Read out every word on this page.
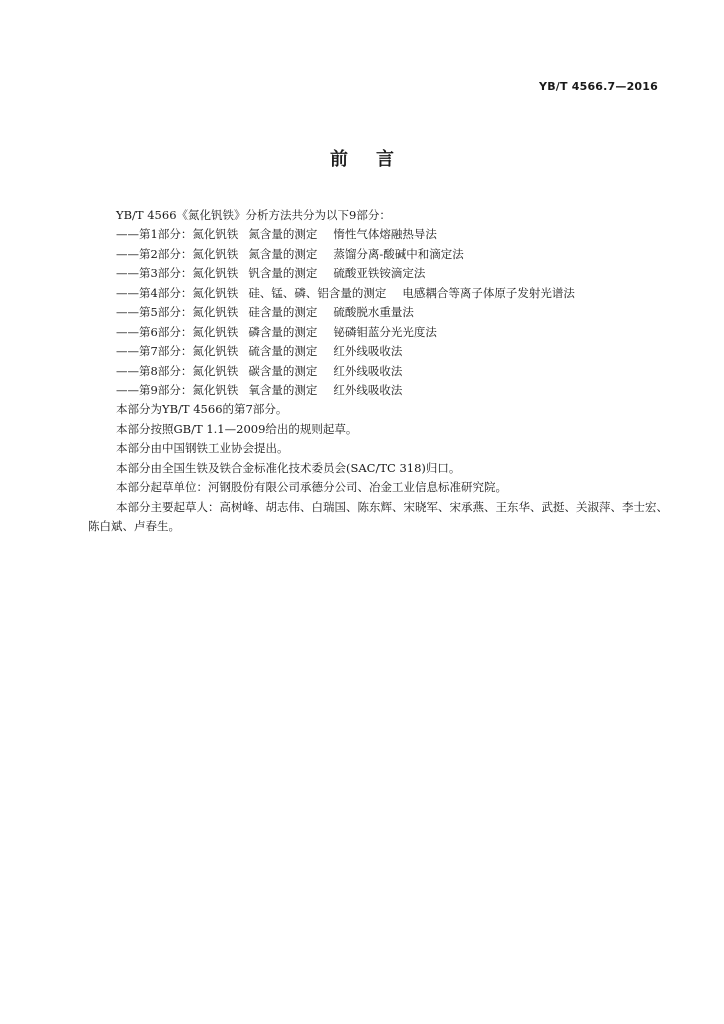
YB/T 4566.7—2016
前言
YB/T 4566《氮化钒铁》分析方法共分为以下9部分：
——第1部分：氮化钒铁 氮含量的测定 惰性气体熔融热导法
——第2部分：氮化钒铁 氮含量的测定 蒸馏分离-酸碱中和滴定法
——第3部分：氮化钒铁 钒含量的测定 硫酸亚铁铵滴定法
——第4部分：氮化钒铁 硅、锰、磷、铝含量的测定 电感耦合等离子体原子发射光谱法
——第5部分：氮化钒铁 硅含量的测定 硫酸脱水重量法
——第6部分：氮化钒铁 磷含量的测定 铋磷钼蓝分光光度法
——第7部分：氮化钒铁 硫含量的测定 红外线吸收法
——第8部分：氮化钒铁 碳含量的测定 红外线吸收法
——第9部分：氮化钒铁 氧含量的测定 红外线吸收法
本部分为YB/T 4566的第7部分。
本部分按照GB/T 1.1—2009给出的规则起草。
本部分由中国钢铁工业协会提出。
本部分由全国生铁及铁合金标准化技术委员会(SAC/TC 318)归口。
本部分起草单位：河钢股份有限公司承德分公司、冶金工业信息标准研究院。
本部分主要起草人：高树峰、胡志伟、白瑞国、陈东辉、宋晓军、宋承燕、王东华、武挺、关淑萍、李士宏、
陈白斌、卢春生。
